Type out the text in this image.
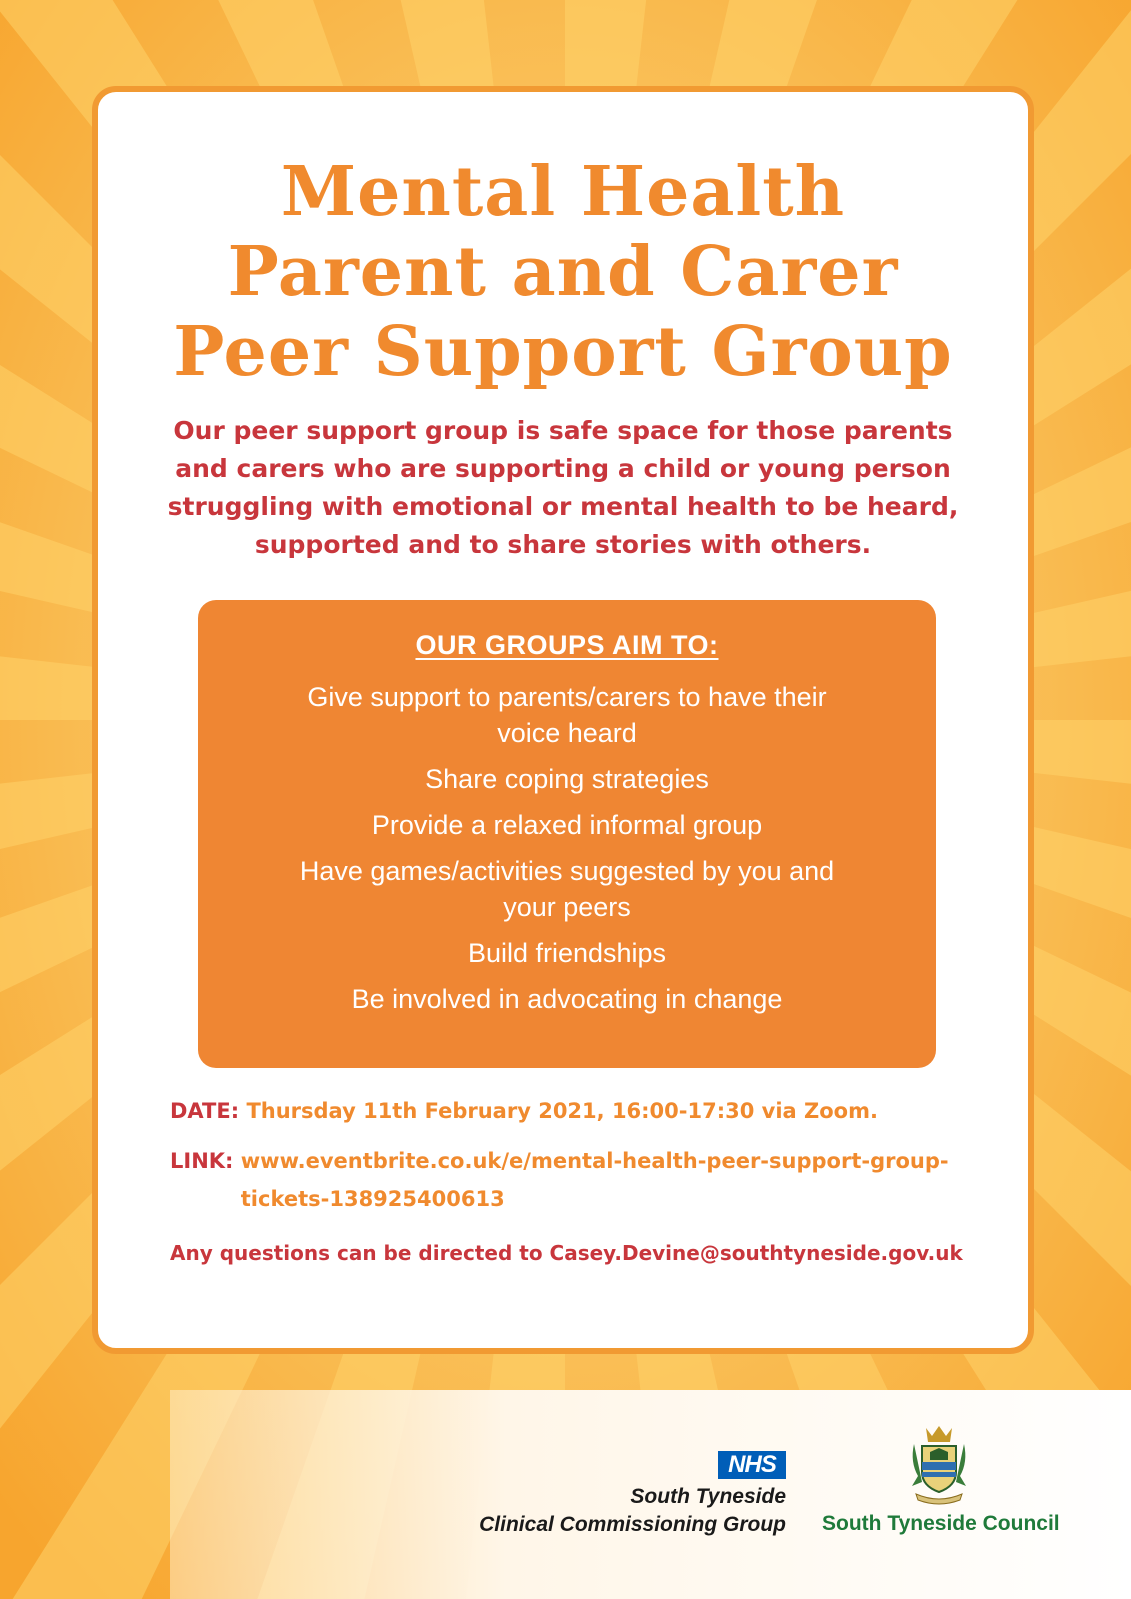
Mental Health
Parent and Carer
Peer Support Group
Our peer support group is safe space for those parents and carers who are supporting a child or young person struggling with emotional or mental health to be heard, supported and to share stories with others.
OUR GROUPS AIM TO:
Give support to parents/carers to have their voice heard
Share coping strategies
Provide a relaxed informal group
Have games/activities suggested by you and your peers
Build friendships
Be involved in advocating in change
DATE: Thursday 11th February 2021, 16:00-17:30 via Zoom.
LINK: www.eventbrite.co.uk/e/mental-health-peer-support-group-tickets-138925400613
Any questions can be directed to Casey.Devine@southtyneside.gov.uk
NHS
South Tyneside
Clinical Commissioning Group South Tyneside Council
